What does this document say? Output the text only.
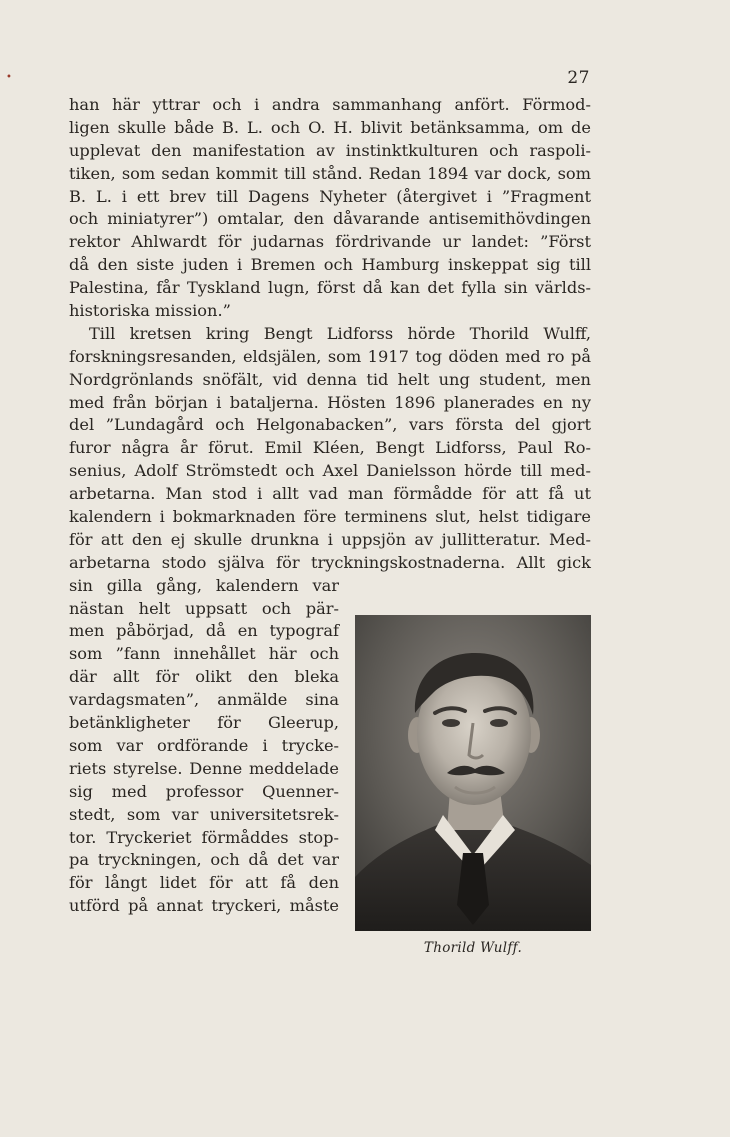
•	27
han här yttrar och i andra sammanhang anfört. Förmod-
ligen skulle både B. L. och O. H. blivit betänksamma, om de
upplevat den manifestation av instinktkulturen och raspoli-
tiken, som sedan kommit till stånd. Redan 1894 var dock, som
B. L. i ett brev till Dagens Nyheter (återgivet i ”Fragment
och miniatyrer”) omtalar, den dåvarande antisemithövdingen
rektor Ahlwardt för judarnas fördrivande ur landet: ”Först
då den siste juden i Bremen och Hamburg inskeppat sig till
Palestina, får Tyskland lugn, först då kan det fylla sin världs-
historiska mission.”
Till kretsen kring Bengt Lidforss hörde Thorild Wulff,
forskningsresanden, eldsjälen, som 1917 tog döden med ro på
Nordgrönlands snöfält, vid denna tid helt ung student, men
med från början i bataljerna. Hösten 1896 planerades en ny
del ”Lundagård och Helgonabacken”, vars första del gjort
furor några år förut. Emil Kléen, Bengt Lidforss, Paul Ro-
senius, Adolf Strömstedt och Axel Danielsson hörde till med-
arbetarna. Man stod i allt vad man förmådde för att få ut
kalendern i bokmarknaden före terminens slut, helst tidigare
för att den ej skulle drunkna i uppsjön av jullitteratur. Med-
arbetarna stodo själva för tryckningskostnaderna. Allt gick
sin gilla gång, kalendern var
nästan helt uppsatt och pär-
men påbörjad, då en typograf
som ”fann innehållet här och
där allt för olikt den bleka
vardagsmaten”, anmälde sina
betänkligheter för Gleerup,
som var ordförande i trycke-
riets styrelse. Denne meddelade
sig med professor Quenner-
stedt, som var universitetsrek-
tor. Tryckeriet förmåddes stop-
pa tryckningen, och då det var
för långt lidet för att få den
utförd på annat tryckeri, måste
Thorild Wulff.
